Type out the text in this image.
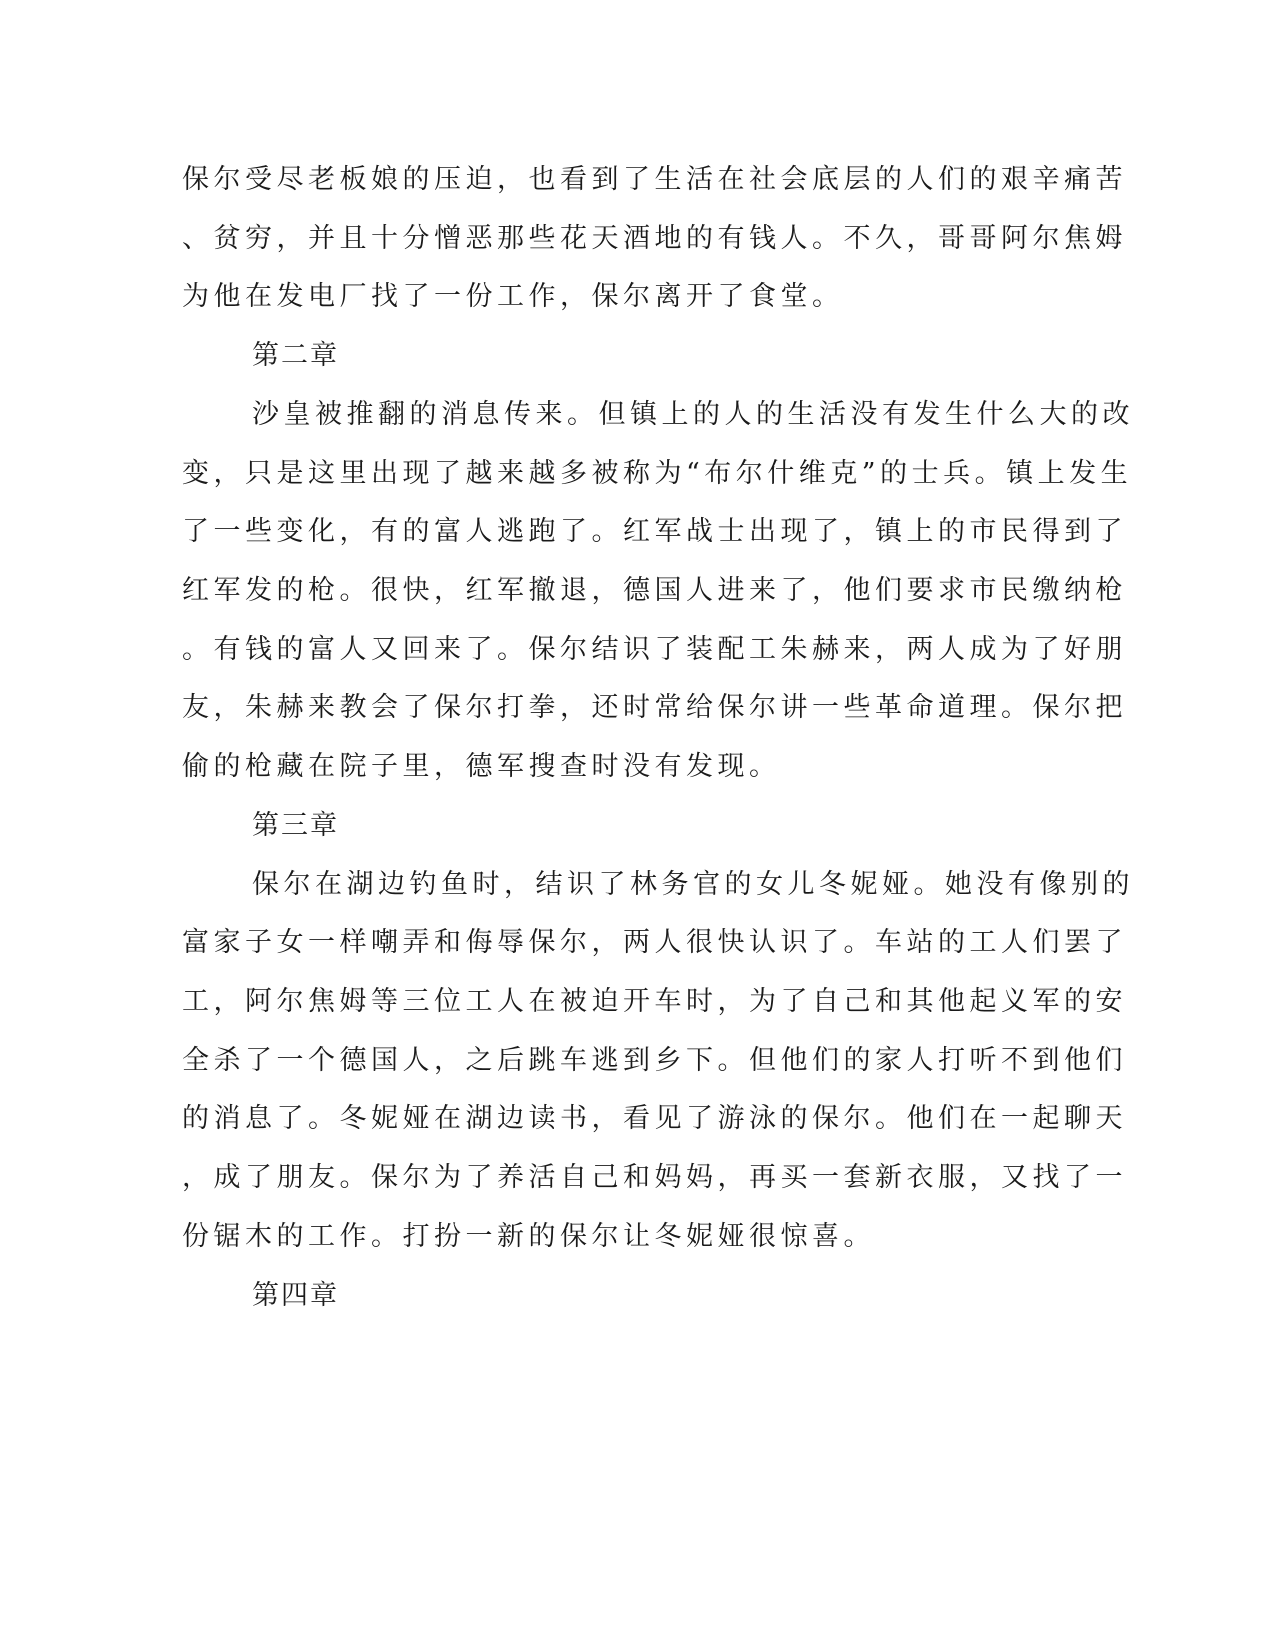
保尔受尽老板娘的压迫，也看到了生活在社会底层的人们的艰辛痛苦
、贫穷，并且十分憎恶那些花天酒地的有钱人。不久，哥哥阿尔焦姆
为他在发电厂找了一份工作，保尔离开了食堂。
第二章
沙皇被推翻的消息传来。但镇上的人的生活没有发生什么大的改
变，只是这里出现了越来越多被称为“布尔什维克”的士兵。镇上发生
了一些变化，有的富人逃跑了。红军战士出现了，镇上的市民得到了
红军发的枪。很快，红军撤退，德国人进来了，他们要求市民缴纳枪
。有钱的富人又回来了。保尔结识了装配工朱赫来，两人成为了好朋
友，朱赫来教会了保尔打拳，还时常给保尔讲一些革命道理。保尔把
偷的枪藏在院子里，德军搜查时没有发现。
第三章
保尔在湖边钓鱼时，结识了林务官的女儿冬妮娅。她没有像别的
富家子女一样嘲弄和侮辱保尔，两人很快认识了。车站的工人们罢了
工，阿尔焦姆等三位工人在被迫开车时，为了自己和其他起义军的安
全杀了一个德国人，之后跳车逃到乡下。但他们的家人打听不到他们
的消息了。冬妮娅在湖边读书，看见了游泳的保尔。他们在一起聊天
，成了朋友。保尔为了养活自己和妈妈，再买一套新衣服，又找了一
份锯木的工作。打扮一新的保尔让冬妮娅很惊喜。
第四章
